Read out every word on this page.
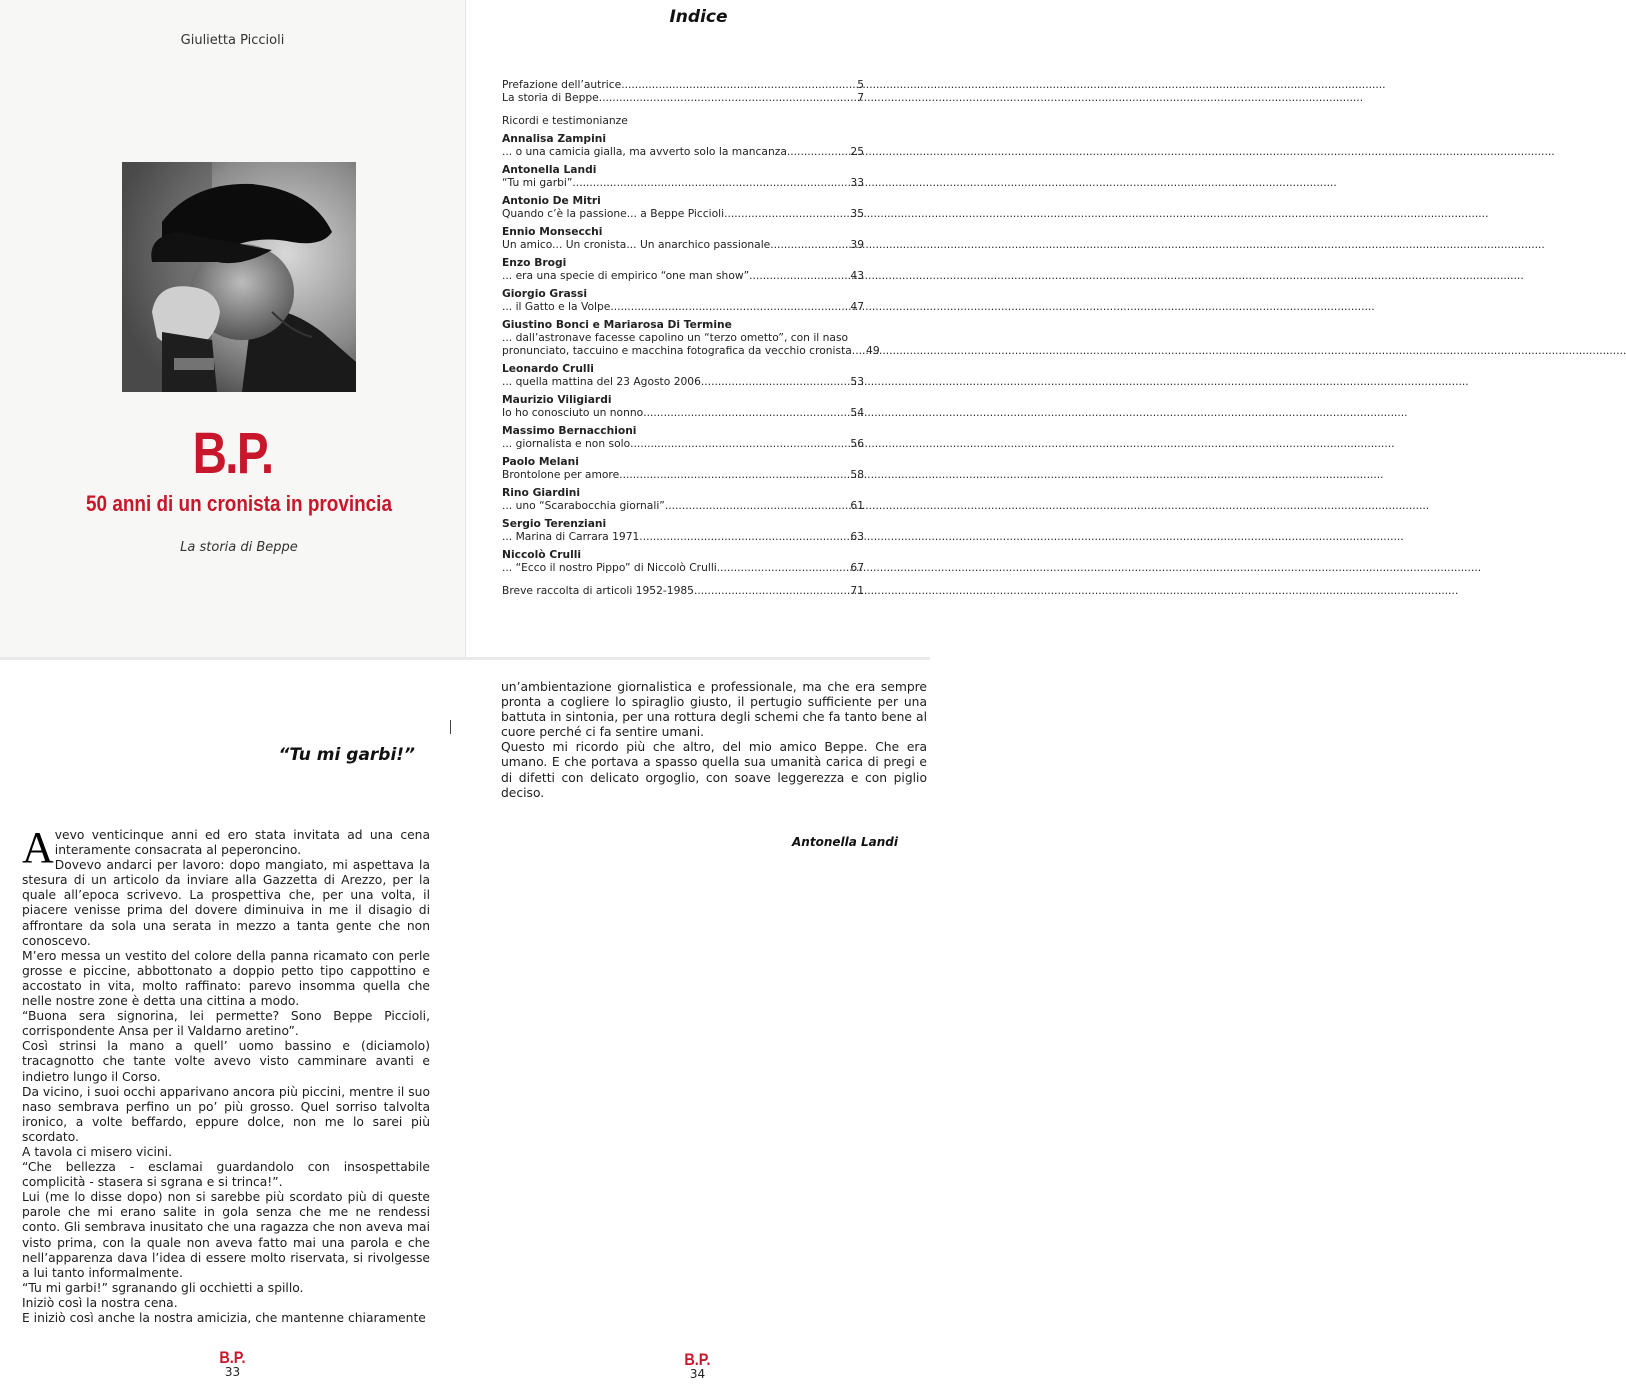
Giulietta Piccioli
B.P.
50 anni di un cronista in provincia
La storia di Beppe
Indice
Prefazione dell’autrice .....	5
La storia di Beppe .....	7
Ricordi e testimonianze
Annalisa Zampini
... o una camicia gialla, ma avverto solo la mancanza. .....	25
Antonella Landi
“Tu mi garbi” .....	33
Antonio De Mitri
Quando c’è la passione... a Beppe Piccioli .....	35
Ennio Monsecchi
Un amico... Un cronista... Un anarchico passionale... .....	39
Enzo Brogi
... era una specie di empirico “one man show”... .....	43
Giorgio Grassi
... il Gatto e la Volpe .....	47
Giustino Bonci e Mariarosa Di Termine
... dall’astronave facesse capolino un “terzo ometto”, con il naso
pronunciato, taccuino e macchina fotografica da vecchio cronista... ..... 49
Leonardo Crulli
... quella mattina del 23 Agosto 2006. .....	53
Maurizio Viligiardi
Io ho conosciuto un nonno .....	54
Massimo Bernacchioni
... giornalista e non solo .....	56
Paolo Melani
Brontolone per amore .....	58
Rino Giardini
... uno “Scarabocchia giornali” .....	61
Sergio Terenziani
... Marina di Carrara 1971 .....	63
Niccolò Crulli
... “Ecco il nostro Pippo” di Niccolò Crulli .....	67
Breve raccolta di articoli 1952-1985 .....	71
“Tu mi garbi!”
A vevo venticinque anni ed ero stata invitata ad una cena interamente consacrata al peperoncino.

Dovevo andarci per lavoro: dopo mangiato, mi aspettava la stesura di un articolo da inviare alla Gazzetta di Arezzo, per la quale all’epoca scrivevo. La prospettiva che, per una volta, il piacere venisse prima del dovere diminuiva in me il disagio di affrontare da sola una serata in mezzo a tanta gente che non conoscevo.

M’ero messa un vestito del colore della panna ricamato con perle grosse e piccine, abbottonato a doppio petto tipo cappottino e accostato in vita, molto raffinato: parevo insomma quella che nelle nostre zone è detta una cittina a modo.

“Buona sera signorina, lei permette? Sono Beppe Piccioli, corrispondente Ansa per il Valdarno aretino”.

Così strinsi la mano a quell’ uomo bassino e (diciamolo) tracagnotto che tante volte avevo visto camminare avanti e indietro lungo il Corso.

Da vicino, i suoi occhi apparivano ancora più piccini, mentre il suo naso sembrava perfino un po’ più grosso. Quel sorriso talvolta ironico, a volte beffardo, eppure dolce, non me lo sarei più scordato.

A tavola ci misero vicini.

“Che bellezza - esclamai guardandolo con insospettabile complicità - stasera si sgrana e si trinca!”.

Lui (me lo disse dopo) non si sarebbe più scordato più di queste parole che mi erano salite in gola senza che me ne rendessi conto. Gli sembrava inusitato che una ragazza che non aveva mai visto prima, con la quale non aveva fatto mai una parola e che nell’apparenza dava l’idea di essere molto riservata, si rivolgesse a lui tanto informalmente.

“Tu mi garbi!” sgranando gli occhietti a spillo.

Iniziò così la nostra cena.

E iniziò così anche la nostra amicizia, che mantenne chiaramente

B.P.
33

un’ambientazione giornalistica e professionale, ma che era sempre pronta a cogliere lo spiraglio giusto, il pertugio sufficiente per una battuta in sintonia, per una rottura degli schemi che fa tanto bene al cuore perché ci fa sentire umani.

Questo mi ricordo più che altro, del mio amico Beppe. Che era umano. E che portava a spasso quella sua umanità carica di pregi e di difetti con delicato orgoglio, con soave leggerezza e con piglio deciso.

Antonella Landi
B.P.
34
